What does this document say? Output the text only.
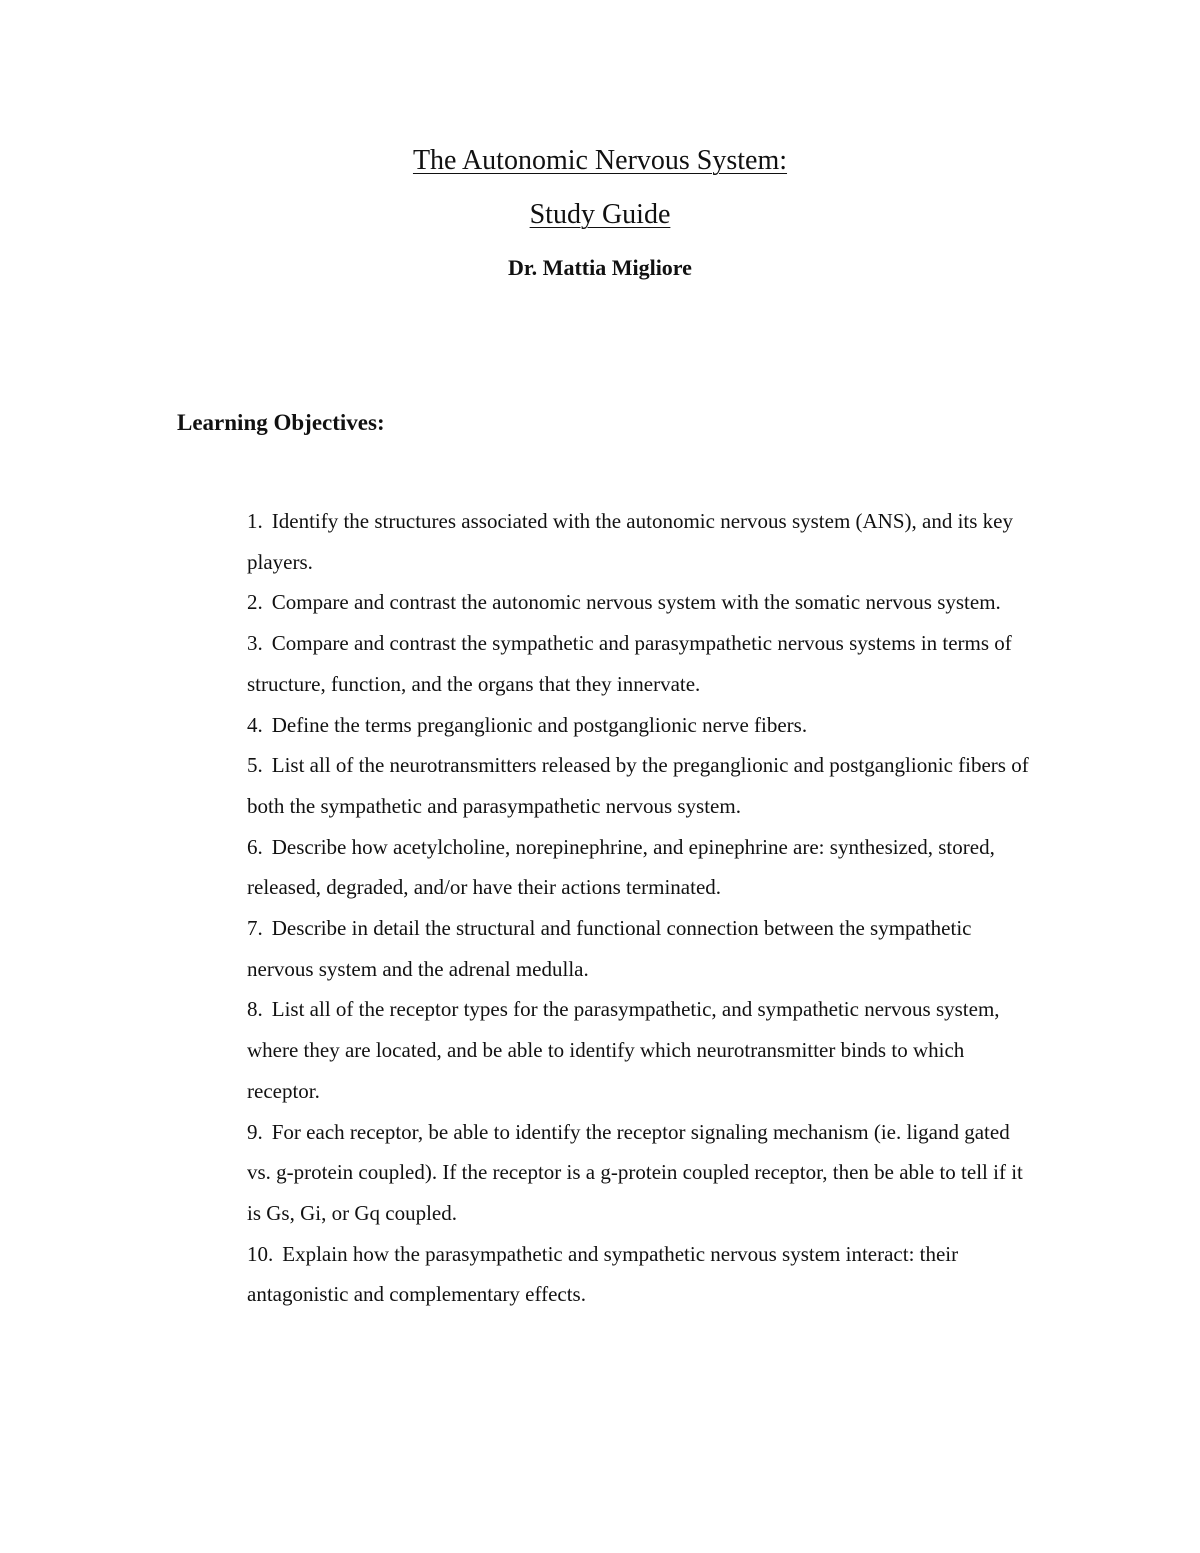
The Autonomic Nervous System:
Study Guide
Dr. Mattia Migliore
Learning Objectives:
1. Identify the structures associated with the autonomic nervous system (ANS), and its key players.
2. Compare and contrast the autonomic nervous system with the somatic nervous system.
3. Compare and contrast the sympathetic and parasympathetic nervous systems in terms of structure, function, and the organs that they innervate.
4. Define the terms preganglionic and postganglionic nerve fibers.
5. List all of the neurotransmitters released by the preganglionic and postganglionic fibers of both the sympathetic and parasympathetic nervous system.
6. Describe how acetylcholine, norepinephrine, and epinephrine are: synthesized, stored, released, degraded, and/or have their actions terminated.
7. Describe in detail the structural and functional connection between the sympathetic nervous system and the adrenal medulla.
8. List all of the receptor types for the parasympathetic, and sympathetic nervous system, where they are located, and be able to identify which neurotransmitter binds to which receptor.
9. For each receptor, be able to identify the receptor signaling mechanism (ie. ligand gated vs. g-protein coupled). If the receptor is a g-protein coupled receptor, then be able to tell if it is Gs, Gi, or Gq coupled.
10. Explain how the parasympathetic and sympathetic nervous system interact: their antagonistic and complementary effects.
